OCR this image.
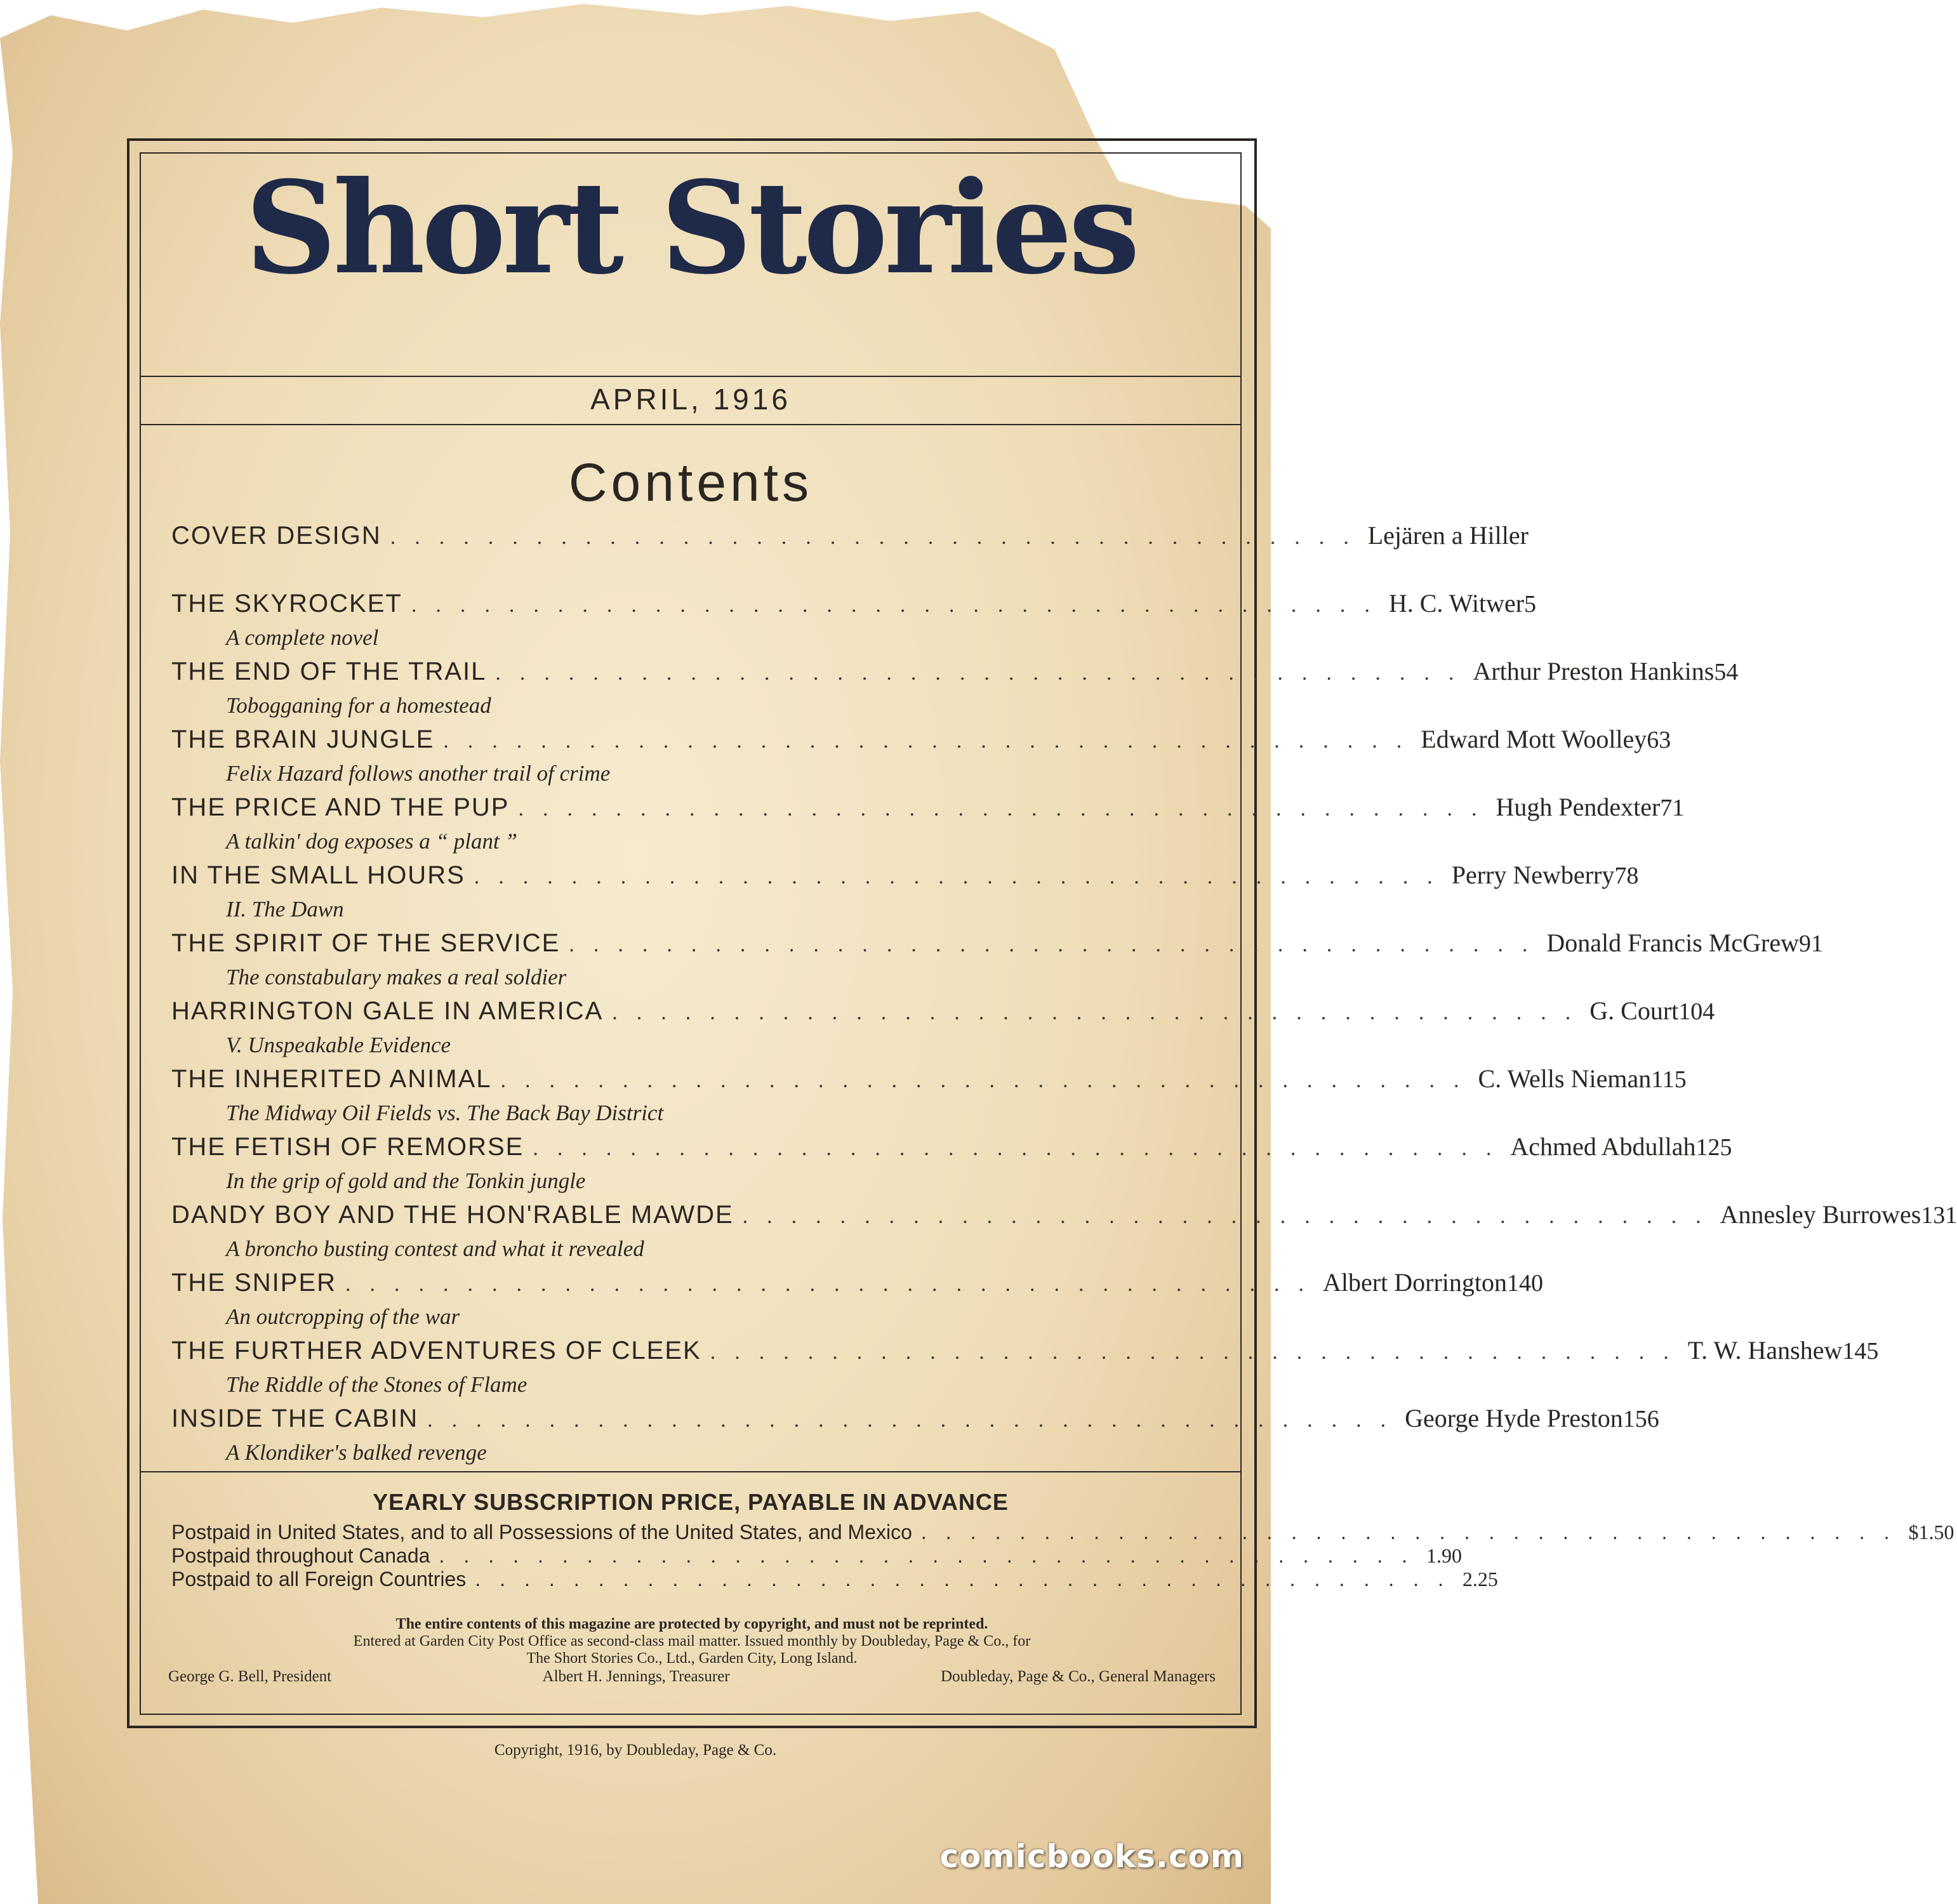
Short Stories
APRIL, 1916
Contents
COVER DESIGN ........................................ Lejären a Hiller
THE SKYROCKET ........................................ H. C. Witwer 5
A complete novel
THE END OF THE TRAIL ........................................ Arthur Preston Hankins 54
Tobogganing for a homestead
THE BRAIN JUNGLE ........................................ Edward Mott Woolley 63
Felix Hazard follows another trail of crime
THE PRICE AND THE PUP ........................................ Hugh Pendexter 71
A talkin' dog exposes a “ plant ”
IN THE SMALL HOURS ........................................ Perry Newberry 78
II. The Dawn
THE SPIRIT OF THE SERVICE ........................................ Donald Francis McGrew 91
The constabulary makes a real soldier
HARRINGTON GALE IN AMERICA ........................................ G. Court 104
V. Unspeakable Evidence
THE INHERITED ANIMAL ........................................ C. Wells Nieman 115
The Midway Oil Fields vs. The Back Bay District
THE FETISH OF REMORSE ........................................ Achmed Abdullah 125
In the grip of gold and the Tonkin jungle
DANDY BOY AND THE HON'RABLE MAWDE ........................................ Annesley Burrowes 131
A broncho busting contest and what it revealed
THE SNIPER ........................................ Albert Dorrington 140
An outcropping of the war
THE FURTHER ADVENTURES OF CLEEK ........................................ T. W. Hanshew 145
The Riddle of the Stones of Flame
INSIDE THE CABIN ........................................ George Hyde Preston 156
A Klondiker's balked revenge
YEARLY SUBSCRIPTION PRICE, PAYABLE IN ADVANCE
Postpaid in United States, and to all Possessions of the United States, and Mexico ........................................ $1.50
Postpaid throughout Canada ........................................ 1.90
Postpaid to all Foreign Countries ........................................ 2.25
The entire contents of this magazine are protected by copyright, and must not be reprinted.
Entered at Garden City Post Office as second-class mail matter. Issued monthly by Doubleday, Page & Co., for
The Short Stories Co., Ltd., Garden City, Long Island.
George G. Bell, President	Albert H. Jennings, Treasurer	Doubleday, Page & Co., General Managers
Copyright, 1916, by Doubleday, Page & Co.
comicbooks.com
